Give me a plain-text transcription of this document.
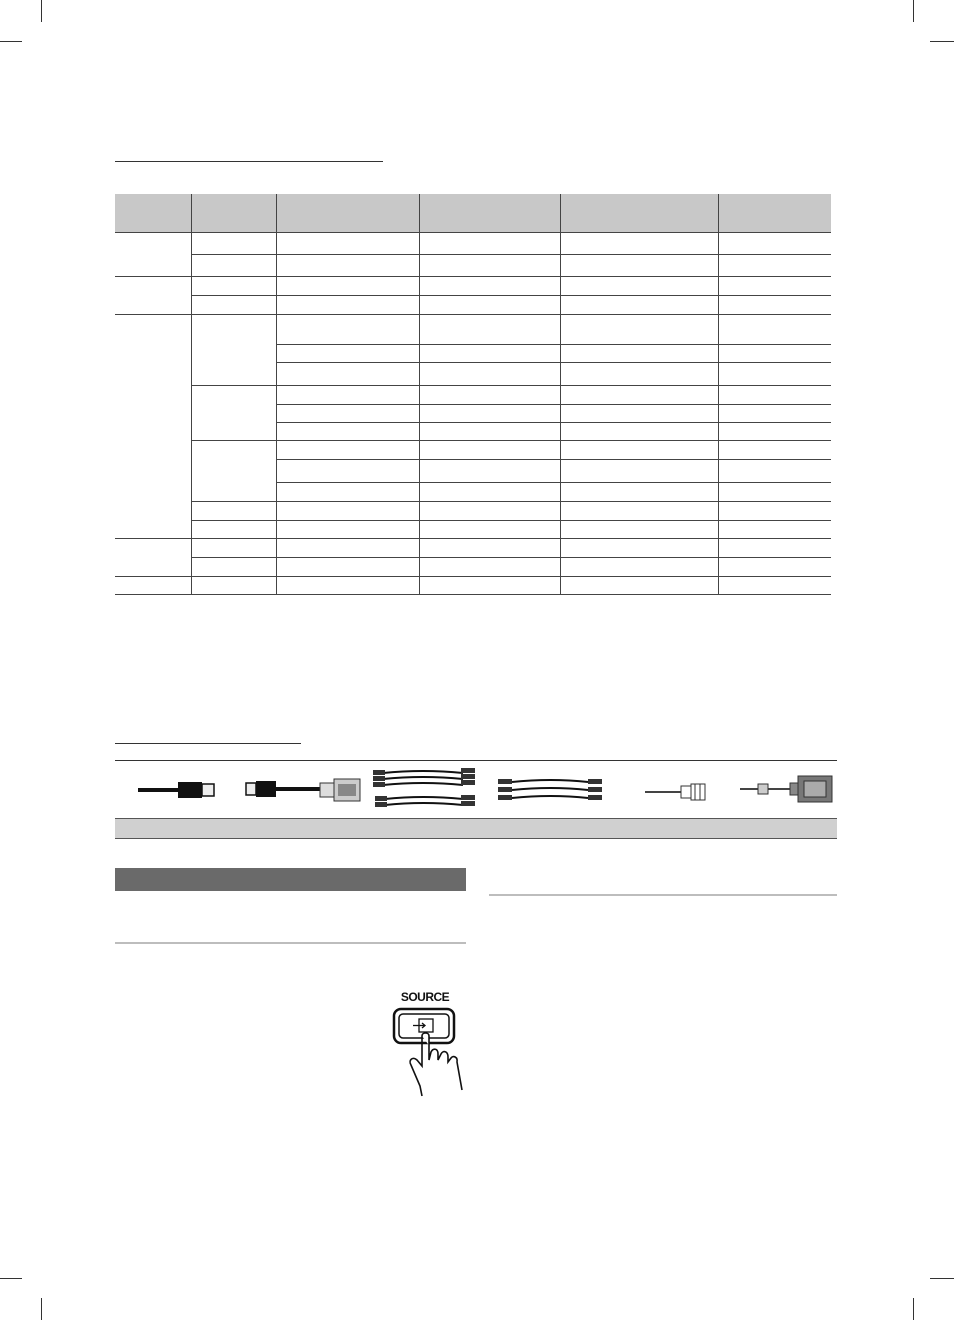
SOURCE
